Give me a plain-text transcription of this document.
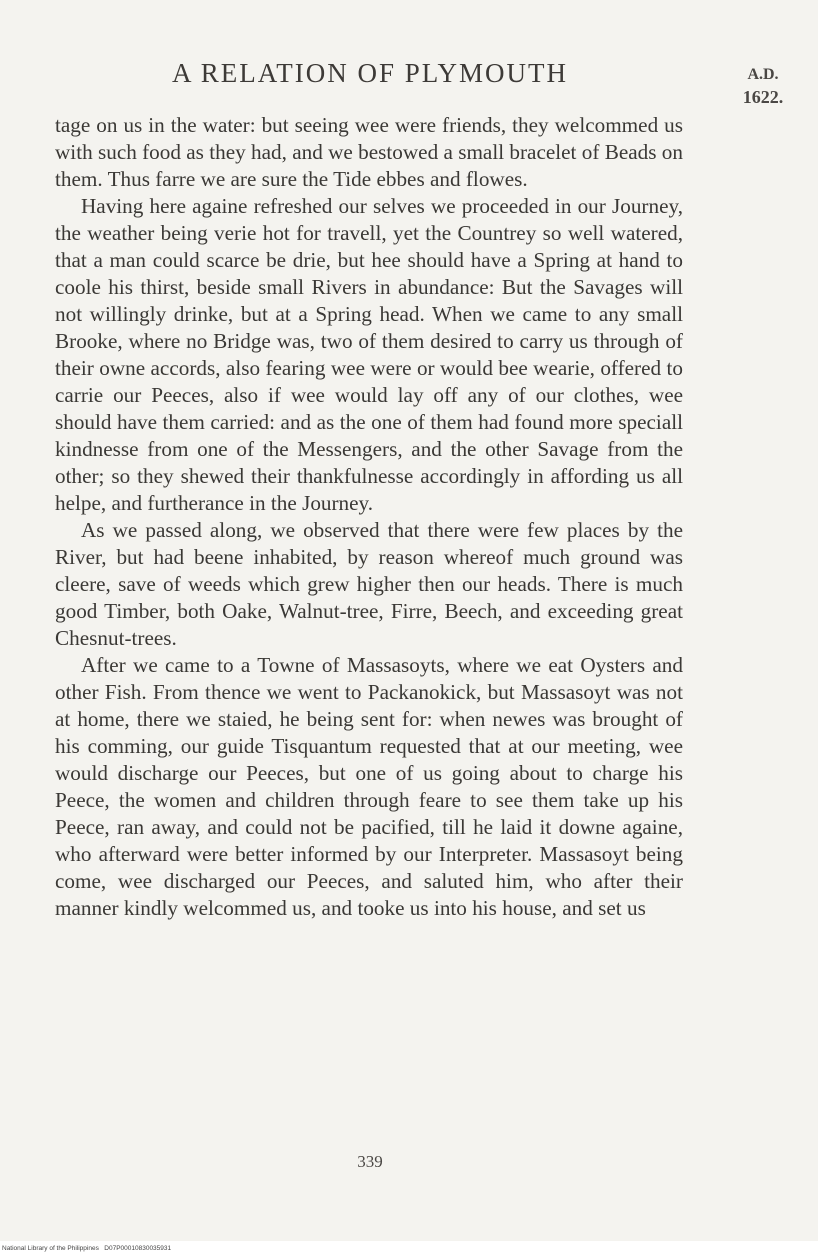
A RELATION OF PLYMOUTH	A.D.
1622.

tage on us in the water: but seeing wee were friends, they welcommed us with such food as they had, and we bestowed a small bracelet of Beads on them. Thus farre we are sure the Tide ebbes and flowes.

Having here againe refreshed our selves we proceeded in our Journey, the weather being verie hot for travell, yet the Countrey so well watered, that a man could scarce be drie, but hee should have a Spring at hand to coole his thirst, beside small Rivers in abundance: But the Savages will not willingly drinke, but at a Spring head. When we came to any small Brooke, where no Bridge was, two of them desired to carry us through of their owne accords, also fearing wee were or would bee wearie, offered to carrie our Peeces, also if wee would lay off any of our clothes, wee should have them carried: and as the one of them had found more speciall kindnesse from one of the Messengers, and the other Savage from the other; so they shewed their thankfulnesse accordingly in affording us all helpe, and furtherance in the Journey.

As we passed along, we observed that there were few places by the River, but had beene inhabited, by reason whereof much ground was cleere, save of weeds which grew higher then our heads. There is much good Timber, both Oake, Walnut-tree, Firre, Beech, and exceeding great Chesnut-trees.

After we came to a Towne of Massasoyts, where we eat Oysters and other Fish. From thence we went to Packanokick, but Massasoyt was not at home, there we staied, he being sent for: when newes was brought of his comming, our guide Tisquantum requested that at our meeting, wee would discharge our Peeces, but one of us going about to charge his Peece, the women and children through feare to see them take up his Peece, ran away, and could not be pacified, till he laid it downe againe, who afterward were better informed by our Interpreter. Massasoyt being come, wee discharged our Peeces, and saluted him, who after their manner kindly welcommed us, and tooke us into his house, and set us

339
National Library of the Philippines D07P00010830035931
